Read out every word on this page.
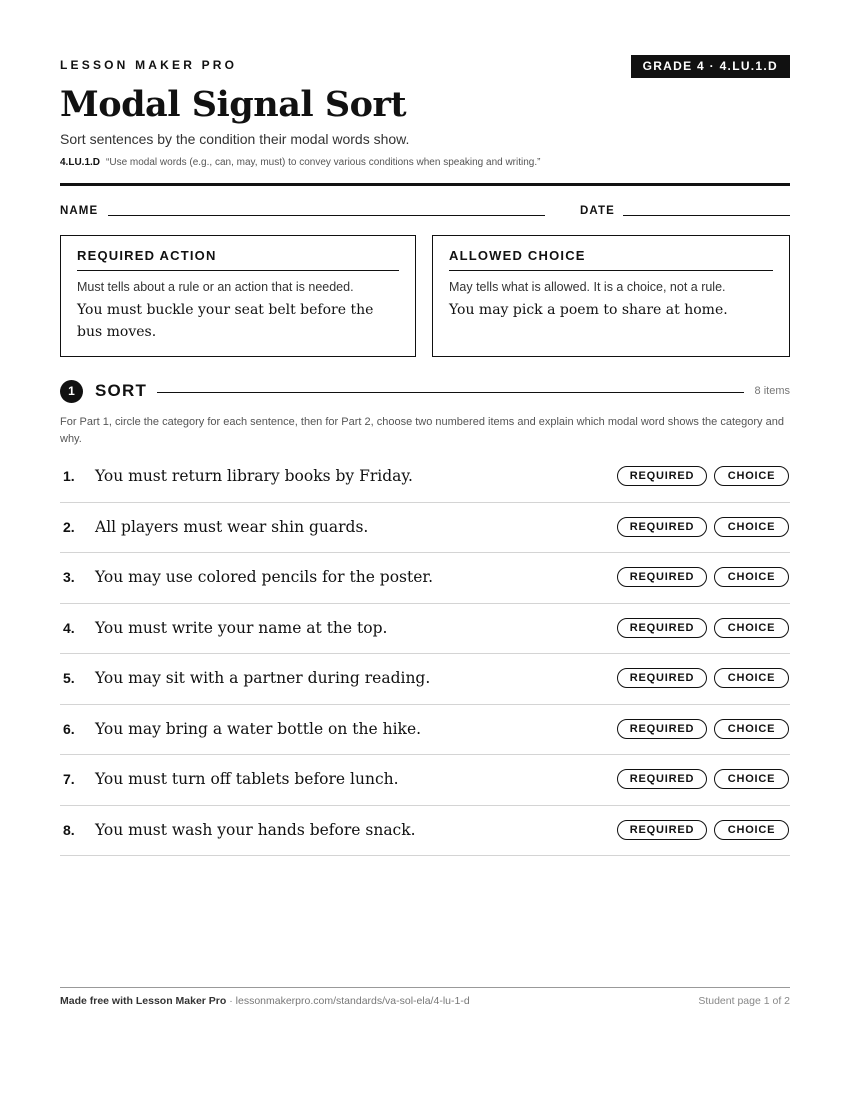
LESSON MAKER PRO	GRADE 4 · 4.LU.1.D
Modal Signal Sort
Sort sentences by the condition their modal words show.
4.LU.1.D “Use modal words (e.g., can, may, must) to convey various conditions when speaking and writing.”
NAME	DATE
REQUIRED ACTION
Must tells about a rule or an action that is needed.
You must buckle your seat belt before the bus moves.
ALLOWED CHOICE
May tells what is allowed. It is a choice, not a rule.
You may pick a poem to share at home.
1	SORT	8 items
For Part 1, circle the category for each sentence, then for Part 2, choose two numbered items and explain which modal word shows the category and why.
1. You must return library books by Friday.	REQUIRED	CHOICE
2. All players must wear shin guards.	REQUIRED	CHOICE
3. You may use colored pencils for the poster.	REQUIRED	CHOICE
4. You must write your name at the top.	REQUIRED	CHOICE
5. You may sit with a partner during reading.	REQUIRED	CHOICE
6. You may bring a water bottle on the hike.	REQUIRED	CHOICE
7. You must turn off tablets before lunch.	REQUIRED	CHOICE
8. You must wash your hands before snack.	REQUIRED	CHOICE
Made free with Lesson Maker Pro · lessonmakerpro.com/standards/va-sol-ela/4-lu-1-d	Student page 1 of 2
